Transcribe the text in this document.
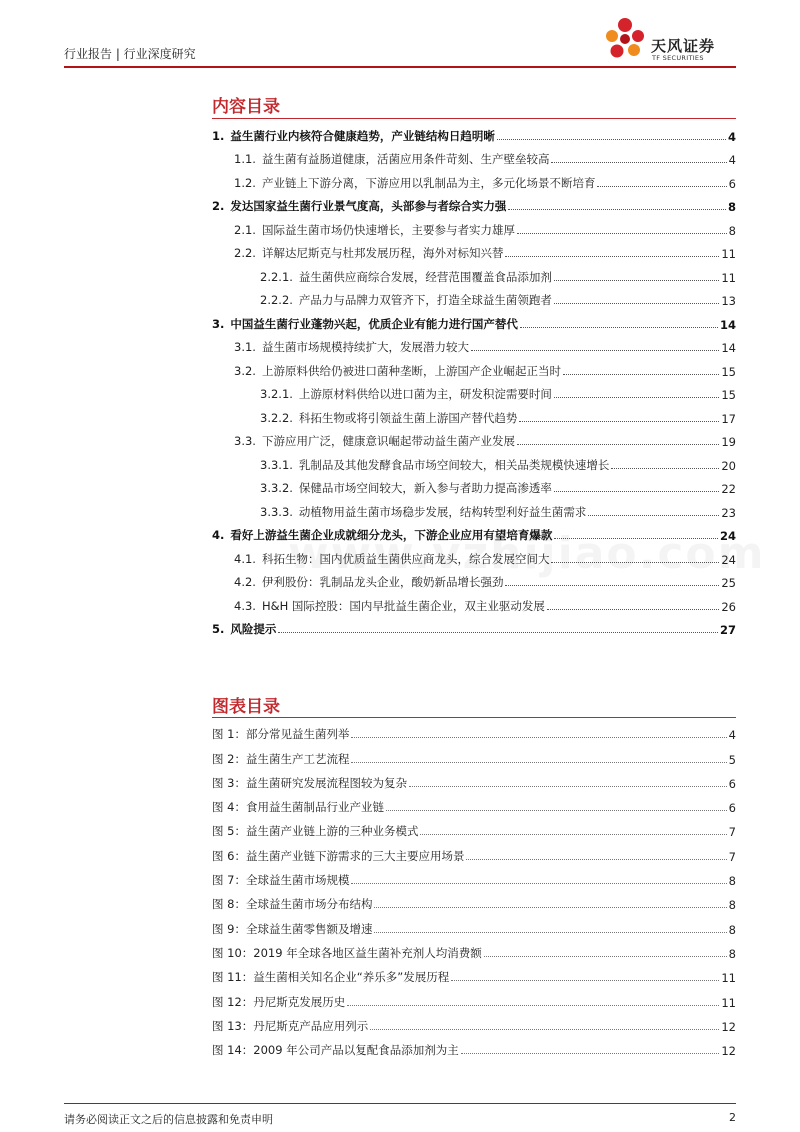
行业报告 | 行业深度研究	天风证券
TF SECURITIES
内容目录
1. 益生菌行业内核符合健康趋势，产业链结构日趋明晰	4
1.1. 益生菌有益肠道健康，活菌应用条件苛刻、生产壁垒较高	4
1.2. 产业链上下游分离，下游应用以乳制品为主，多元化场景不断培育	6
2. 发达国家益生菌行业景气度高，头部参与者综合实力强	8
2.1. 国际益生菌市场仍快速增长，主要参与者实力雄厚	8
2.2. 详解达尼斯克与杜邦发展历程，海外对标知兴替	11
2.2.1. 益生菌供应商综合发展，经营范围覆盖食品添加剂	11
2.2.2. 产品力与品牌力双管齐下，打造全球益生菌领跑者	13
3. 中国益生菌行业蓬勃兴起，优质企业有能力进行国产替代	14
3.1. 益生菌市场规模持续扩大，发展潜力较大	14
3.2. 上游原料供给仍被进口菌种垄断，上游国产企业崛起正当时	15
3.2.1. 上游原材料供给以进口菌为主，研发积淀需要时间	15
3.2.2. 科拓生物或将引领益生菌上游国产替代趋势	17
3.3. 下游应用广泛，健康意识崛起带动益生菌产业发展	19
3.3.1. 乳制品及其他发酵食品市场空间较大，相关品类规模快速增长	20
3.3.2. 保健品市场空间较大，新入参与者助力提高渗透率	22
3.3.3. 动植物用益生菌市场稳步发展，结构转型利好益生菌需求	23
4. 看好上游益生菌企业成就细分龙头，下游企业应用有望培育爆款	24
4.1. 科拓生物：国内优质益生菌供应商龙头，综合发展空间大	24
4.2. 伊利股份：乳制品龙头企业，酸奶新品增长强劲	25
4.3. H&H 国际控股：国内早批益生菌企业，双主业驱动发展	26
5. 风险提示	27
图表目录
图 1：部分常见益生菌列举	4
图 2：益生菌生产工艺流程	5
图 3：益生菌研究发展流程图较为复杂	6
图 4：食用益生菌制品行业产业链	6
图 5：益生菌产业链上游的三种业务模式	7
图 6：益生菌产业链下游需求的三大主要应用场景	7
图 7：全球益生菌市场规模	8
图 8：全球益生菌市场分布结构	8
图 9：全球益生菌零售额及增速	8
图 10：2019 年全球各地区益生菌补充剂人均消费额	8
图 11：益生菌相关知名企业“养乐多”发展历程	11
图 12：丹尼斯克发展历史	11
图 13：丹尼斯克产品应用列示	12
图 14：2009 年公司产品以复配食品添加剂为主	12
请务必阅读正文之后的信息披露和免责申明	2
